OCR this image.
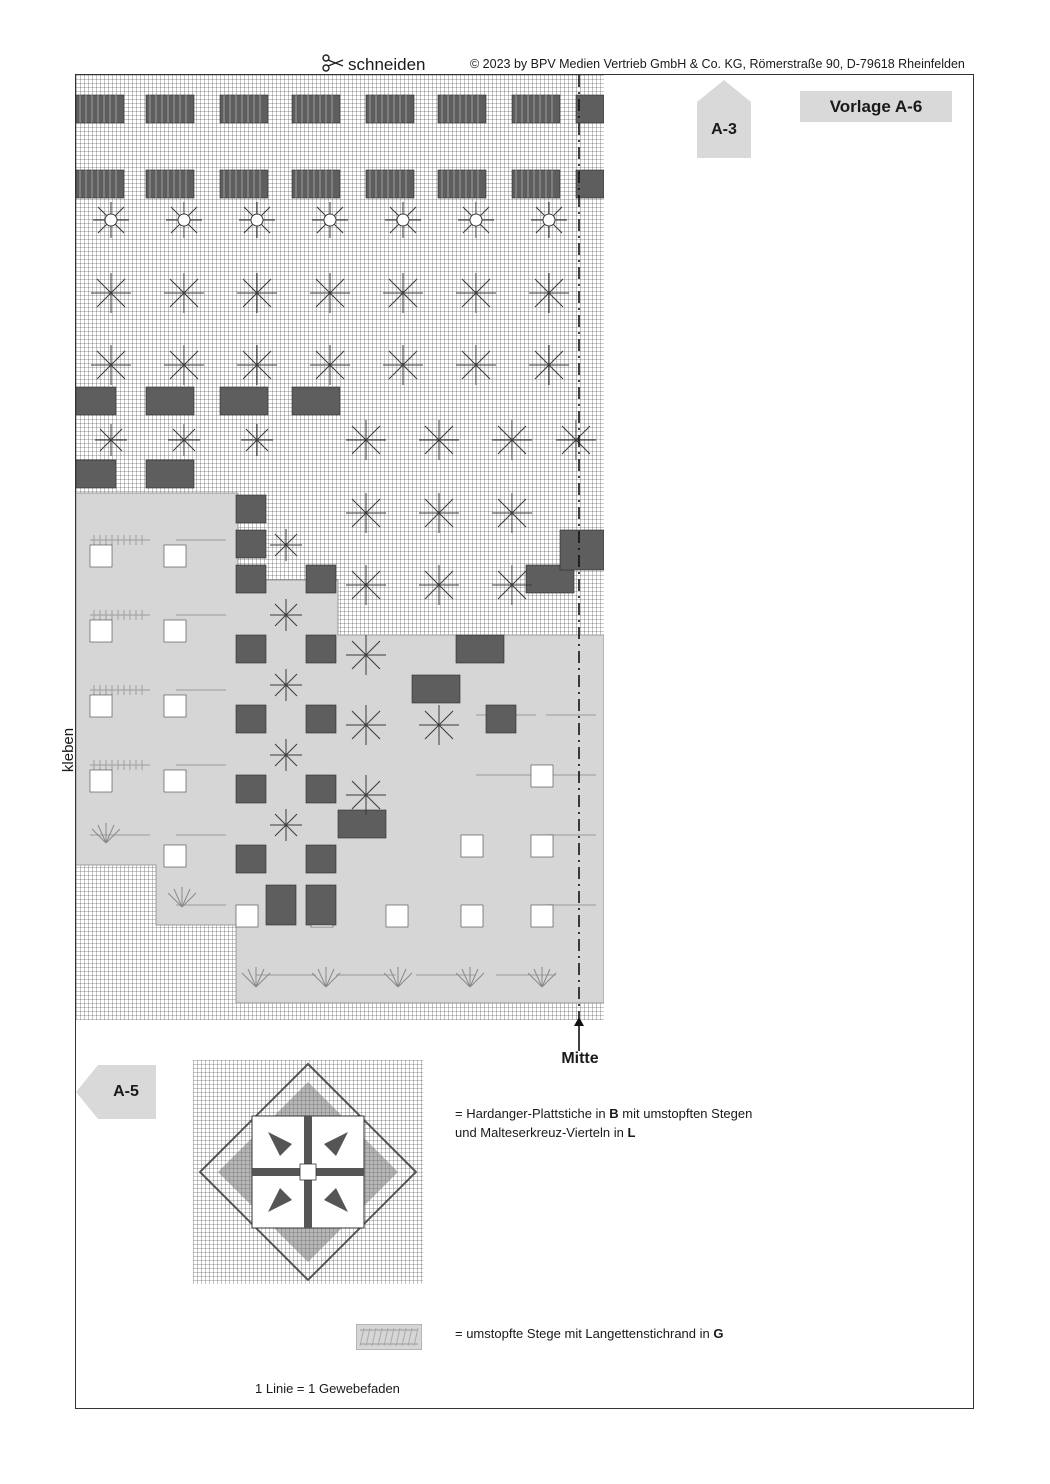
schneiden	© 2023 by BPV Medien Vertrieb GmbH & Co. KG, Römerstraße 90, D-79618 Rheinfelden
Vorlage A-6
A-3
A-5
kleben
Mitte
= Hardanger-Plattstiche in B mit umstopften Stegen
und Malteserkreuz-Vierteln in L
= umstopfte Stege mit Langettenstichrand in G
1 Linie = 1 Gewebefaden
